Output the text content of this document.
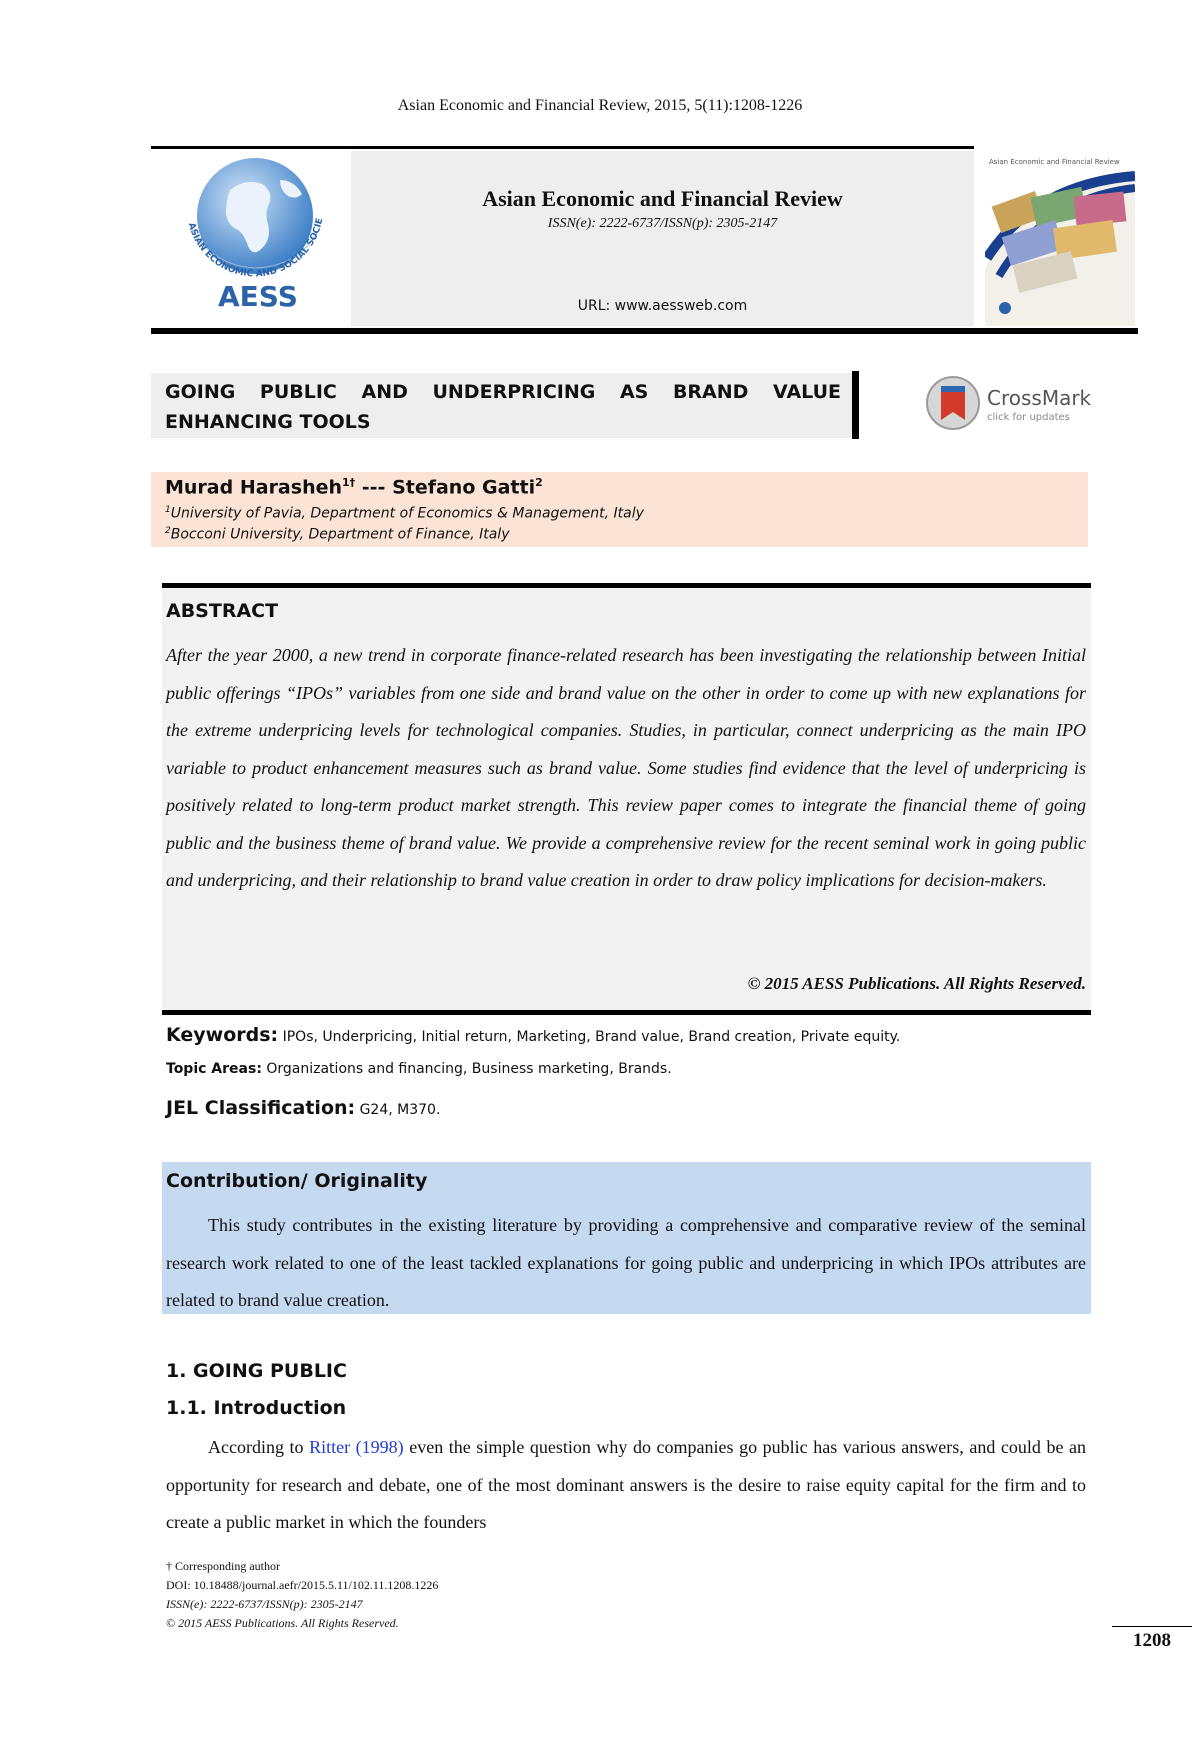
Asian Economic and Financial Review, 2015, 5(11):1208-1226
Asian Economic and Financial Review
ISSN(e): 2222-6737/ISSN(p): 2305-2147
URL: www.aessweb.com
ASIAN ECONOMIC AND SOCIAL SOCIE
AESS
Asian Economic and Financial Review
GOING PUBLIC AND UNDERPRICING AS BRAND VALUE ENHANCING TOOLS
CrossMark
click for updates
Murad Harasheh$^{1\dagger}$ --- Stefano Gatti$^2$
$^1$University of Pavia, Department of Economics & Management, Italy
$^2$Bocconi University, Department of Finance, Italy
ABSTRACT
After the year 2000, a new trend in corporate finance-related research has been investigating the relationship between Initial public offerings “IPOs” variables from one side and brand value on the other in order to come up with new explanations for the extreme underpricing levels for technological companies. Studies, in particular, connect underpricing as the main IPO variable to product enhancement measures such as brand value. Some studies find evidence that the level of underpricing is positively related to long-term product market strength. This review paper comes to integrate the financial theme of going public and the business theme of brand value. We provide a comprehensive review for the recent seminal work in going public and underpricing, and their relationship to brand value creation in order to draw policy implications for decision-makers.
© 2015 AESS Publications. All Rights Reserved.
Keywords: IPOs, Underpricing, Initial return, Marketing, Brand value, Brand creation, Private equity.
Topic Areas: Organizations and financing, Business marketing, Brands.
JEL Classification: G24, M370.
Contribution/ Originality
This study contributes in the existing literature by providing a comprehensive and comparative review of the seminal research work related to one of the least tackled explanations for going public and underpricing in which IPOs attributes are related to brand value creation.
1. GOING PUBLIC
1.1. Introduction
According to Ritter (1998) even the simple question why do companies go public has various answers, and could be an opportunity for research and debate, one of the most dominant answers is the desire to raise equity capital for the firm and to create a public market in which the founders
† Corresponding author
DOI: 10.18488/journal.aefr/2015.5.11/102.11.1208.1226
ISSN(e): 2222-6737/ISSN(p): 2305-2147
© 2015 AESS Publications. All Rights Reserved.
1208
